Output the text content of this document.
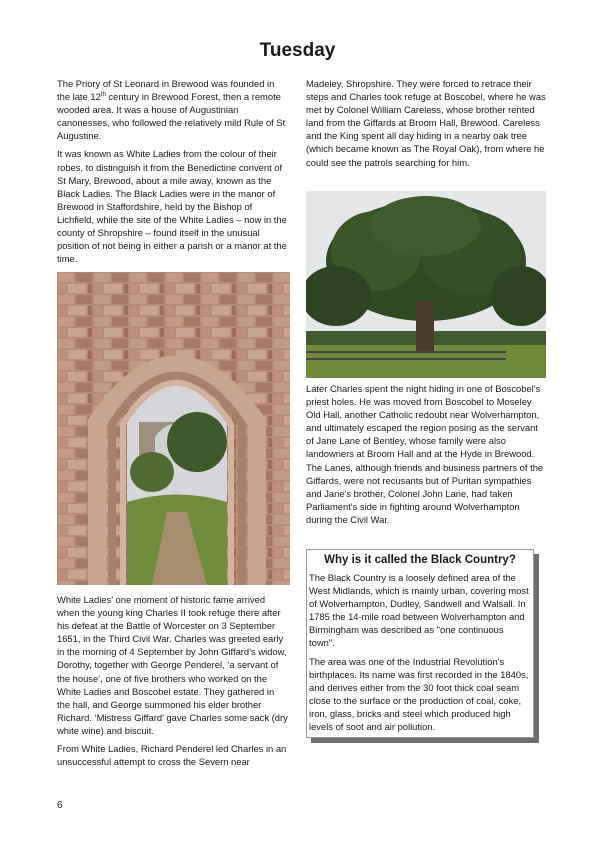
Tuesday

The Priory of St Leonard in Brewood was founded in the late 12th century in Brewood Forest, then a remote wooded area. It was a house of Augustinian canonesses, who followed the relatively mild Rule of St Augustine.

It was known as White Ladies from the colour of their robes, to distinguish it from the Benedictine convent of St Mary, Brewood, about a mile away, known as the Black Ladies. The Black Ladies were in the manor of Brewood in Staffordshire, held by the Bishop of Lichfield, while the site of the White Ladies – now in the county of Shropshire – found itself in the unusual position of not being in either a parish or a manor at the time.

White Ladies’ one moment of historic fame arrived when the young king Charles II took refuge there after his defeat at the Battle of Worcester on 3 September 1651, in the Third Civil War. Charles was greeted early in the morning of 4 September by John Giffard’s widow, Dorothy, together with George Penderel, ‘a servant of the house’, one of five brothers who worked on the White Ladies and Boscobel estate. They gathered in the hall, and George summoned his elder brother Richard. ‘Mistress Giffard’ gave Charles some sack (dry white wine) and biscuit.

From White Ladies, Richard Penderel led Charles in an unsuccessful attempt to cross the Severn near

Madeley, Shropshire. They were forced to retrace their steps and Charles took refuge at Boscobel, where he was met by Colonel William Careless, whose brother rented land from the Giffards at Broom Hall, Brewood. Careless and the King spent all day hiding in a nearby oak tree (which became known as The Royal Oak), from where he could see the patrols searching for him.

Later Charles spent the night hiding in one of Boscobel's priest holes. He was moved from Boscobel to Moseley Old Hall, another Catholic redoubt near Wolverhampton, and ultimately escaped the region posing as the servant of Jane Lane of Bentley, whose family were also landowners at Broom Hall and at the Hyde in Brewood. The Lanes, although friends and business partners of the Giffards, were not recusants but of Puritan sympathies and Jane's brother, Colonel John Lane, had taken Parliament's side in fighting around Wolverhampton during the Civil War.

Why is it called the Black Country?

The Black Country is a loosely defined area of the West Midlands, which is mainly urban, covering most of Wolverhampton, Dudley, Sandwell and Walsall. In 1785 the 14-mile road between Wolverhampton and Birmingham was described as "one continuous town".

The area was one of the Industrial Revolution's birthplaces. Its name was first recorded in the 1840s, and derives either from the 30 foot thick coal seam close to the surface or the production of coal, coke, iron, glass, bricks and steel which produced high levels of soot and air pollution.

6
